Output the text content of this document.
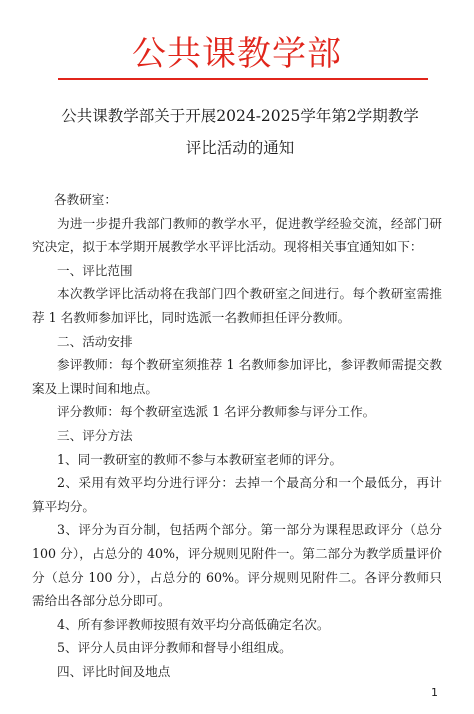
公共课教学部
公共课教学部关于开展2024-2025学年第2学期教学
评比活动的通知

各教研室：

为进一步提升我部门教师的教学水平，促进教学经验交流，经部门研究决定，拟于本学期开展教学水平评比活动。现将相关事宜通知如下：

一、评比范围

本次教学评比活动将在我部门四个教研室之间进行。每个教研室需推荐 1 名教师参加评比，同时选派一名教师担任评分教师。

二、活动安排

参评教师：每个教研室须推荐 1 名教师参加评比，参评教师需提交教案及上课时间和地点。

评分教师：每个教研室选派 1 名评分教师参与评分工作。

三、评分方法

1、同一教研室的教师不参与本教研室老师的评分。

2、采用有效平均分进行评分：去掉一个最高分和一个最低分，再计算平均分。

3、评分为百分制，包括两个部分。第一部分为课程思政评分（总分 100 分），占总分的 40%，评分规则见附件一。第二部分为教学质量评价分（总分 100 分），占总分的 60%。评分规则见附件二。各评分教师只需给出各部分总分即可。

4、所有参评教师按照有效平均分高低确定名次。

5、评分人员由评分教师和督导小组组成。

四、评比时间及地点

1
